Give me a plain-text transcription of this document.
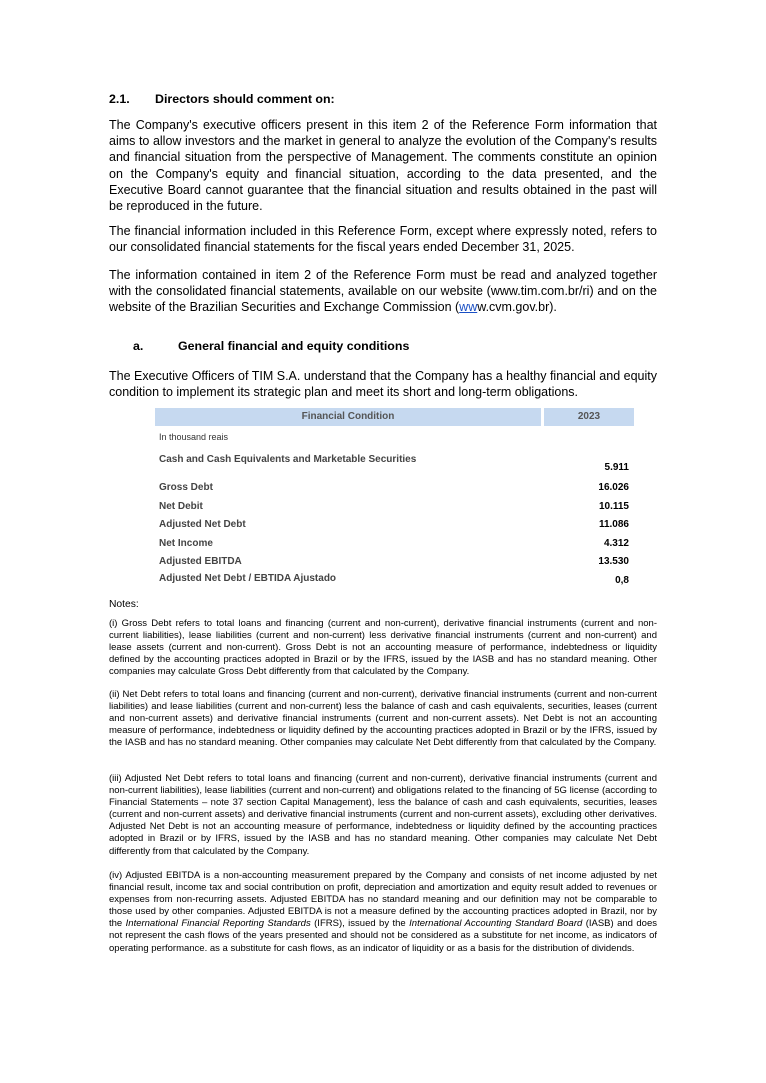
2.1. Directors should comment on:
The Company's executive officers present in this item 2 of the Reference Form information that aims to allow investors and the market in general to analyze the evolution of the Company's results and financial situation from the perspective of Management. The comments constitute an opinion on the Company's equity and financial situation, according to the data presented, and the Executive Board cannot guarantee that the financial situation and results obtained in the past will be reproduced in the future.
The financial information included in this Reference Form, except where expressly noted, refers to our consolidated financial statements for the fiscal years ended December 31, 2025.
The information contained in item 2 of the Reference Form must be read and analyzed together with the consolidated financial statements, available on our website (www.tim.com.br/ri) and on the website of the Brazilian Securities and Exchange Commission (www.cvm.gov.br).
a.	General financial and equity conditions
The Executive Officers of TIM S.A. understand that the Company has a healthy financial and equity condition to implement its strategic plan and meet its short and long-term obligations.
Financial Condition	2023
In thousand reais
Cash and Cash Equivalents and Marketable Securities
5.911
Gross Debt	16.026
Net Debit	10.115
Adjusted Net Debt	11.086
Net Income	4.312
Adjusted EBITDA	13.530
Adjusted Net Debt / EBTIDA Ajustado	0,8
Notes:
(i) Gross Debt refers to total loans and financing (current and non-current), derivative financial instruments (current and non-current liabilities), lease liabilities (current and non-current) less derivative financial instruments (current and non-current) and lease assets (current and non-current). Gross Debt is not an accounting measure of performance, indebtedness or liquidity defined by the accounting practices adopted in Brazil or by the IFRS, issued by the IASB and has no standard meaning. Other companies may calculate Gross Debt differently from that calculated by the Company.
(ii) Net Debt refers to total loans and financing (current and non-current), derivative financial instruments (current and non-current liabilities) and lease liabilities (current and non-current) less the balance of cash and cash equivalents, securities, leases (current and non-current assets) and derivative financial instruments (current and non-current assets). Net Debt is not an accounting measure of performance, indebtedness or liquidity defined by the accounting practices adopted in Brazil or by the IFRS, issued by the IASB and has no standard meaning. Other companies may calculate Net Debt differently from that calculated by the Company.
(iii) Adjusted Net Debt refers to total loans and financing (current and non-current), derivative financial instruments (current and non-current liabilities), lease liabilities (current and non-current) and obligations related to the financing of 5G license (according to Financial Statements – note 37 section Capital Management), less the balance of cash and cash equivalents, securities, leases (current and non-current assets) and derivative financial instruments (current and non-current assets), excluding other derivatives. Adjusted Net Debt is not an accounting measure of performance, indebtedness or liquidity defined by the accounting practices adopted in Brazil or by IFRS, issued by the IASB and has no standard meaning. Other companies may calculate Net Debt differently from that calculated by the Company.
(iv) Adjusted EBITDA is a non-accounting measurement prepared by the Company and consists of net income adjusted by net financial result, income tax and social contribution on profit, depreciation and amortization and equity result added to revenues or expenses from non-recurring assets. Adjusted EBITDA has no standard meaning and our definition may not be comparable to those used by other companies. Adjusted EBITDA is not a measure defined by the accounting practices adopted in Brazil, nor by the International Financial Reporting Standards (IFRS), issued by the International Accounting Standard Board (IASB) and does not represent the cash flows of the years presented and should not be considered as a substitute for net income, as indicators of operating performance. as a substitute for cash flows, as an indicator of liquidity or as a basis for the distribution of dividends.
